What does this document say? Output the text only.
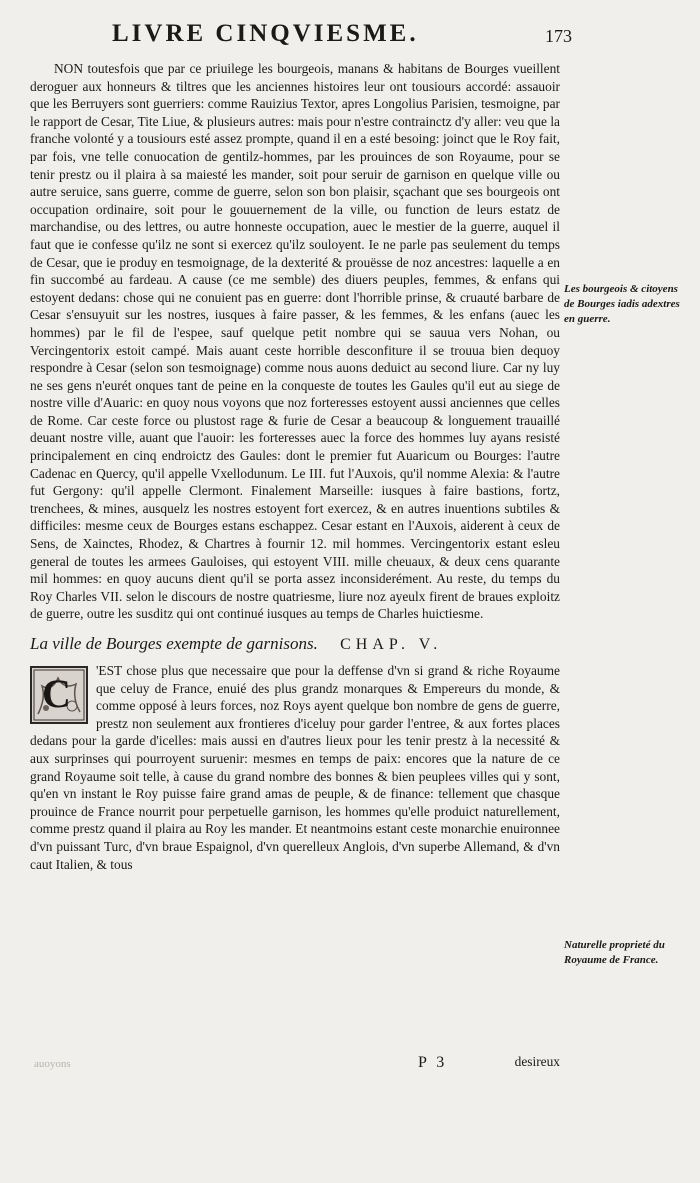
LIVRE CINQVIESME.	173

NON toutesfois que par ce priuilege les bourgeois, manans & habitans de Bourges vueillent deroguer aux honneurs & tiltres que les anciennes histoires leur ont tousiours accordé: assauoir que les Berruyers sont guerriers: comme Rauizius Textor, apres Longolius Parisien, tesmoigne, par le rapport de Cesar, Tite Liue, & plusieurs autres: mais pour n'estre contrainctz d'y aller: veu que la franche volonté y a tousiours esté assez prompte, quand il en a esté besoing: joinct que le Roy fait, par fois, vne telle conuocation de gentilz-hommes, par les prouinces de son Royaume, pour se tenir prestz ou il plaira à sa maiesté les mander, soit pour seruir de garnison en quelque ville ou autre seruice, sans guerre, comme de guerre, selon son bon plaisir, sçachant que ses bourgeois ont occupation ordinaire, soit pour le gouuernement de la ville, ou function de leurs estatz de marchandise, ou des lettres, ou autre honneste occupation, auec le mestier de la guerre, auquel il faut que ie confesse qu'ilz ne sont si exercez qu'ilz souloyent. Ie ne parle pas seulement du temps de Cesar, que ie produy en tesmoignage, de la dexterité & prouësse de noz ancestres: laquelle a en fin succombé au fardeau. A cause (ce me semble) des diuers peuples, femmes, & enfans qui estoyent dedans: chose qui ne conuient pas en guerre: dont l'horrible prinse, & cruauté barbare de Cesar s'ensuyuit sur les nostres, iusques à faire passer, & les femmes, & les enfans (auec les hommes) par le fil de l'espee, sauf quelque petit nombre qui se sauua vers Nohan, ou Vercingentorix estoit campé. Mais auant ceste horrible desconfiture il se trouua bien dequoy respondre à Cesar (selon son tesmoignage) comme nous auons deduict au second liure. Car ny luy ne ses gens n'eurét onques tant de peine en la conqueste de toutes les Gaules qu'il eut au siege de nostre ville d'Auaric: en quoy nous voyons que noz forteresses estoyent aussi anciennes que celles de Rome. Car ceste force ou plustost rage & furie de Cesar a beaucoup & longuement trauaillé deuant nostre ville, auant que l'auoir: les forteresses auec la force des hommes luy ayans resisté principalement en cinq endroictz des Gaules: dont le premier fut Auaricum ou Bourges: l'autre Cadenac en Quercy, qu'il appelle Vxellodunum. Le III. fut l'Auxois, qu'il nomme Alexia: & l'autre fut Gergony: qu'il appelle Clermont. Finalement Marseille: iusques à faire bastions, fortz, trenchees, & mines, ausquelz les nostres estoyent fort exercez, & en autres inuentions subtiles & difficiles: mesme ceux de Bourges estans eschappez. Cesar estant en l'Auxois, aiderent à ceux de Sens, de Xainctes, Rhodez, & Chartres à fournir 12. mil hommes. Vercingentorix estant esleu general de toutes les armees Gauloises, qui estoyent VIII. mille cheuaux, & deux cens quarante mil hommes: en quoy aucuns dient qu'il se porta assez inconsiderément. Au reste, du temps du Roy Charles VII. selon le discours de nostre quatriesme, liure noz ayeulx firent de braues exploitz de guerre, outre les susditz qui ont continué iusques au temps de Charles huictiesme.

La ville de Bourges exempte de garnisons. CHAP. V.
C

'EST chose plus que necessaire que pour la deffense d'vn si grand & riche Royaume que celuy de France, enuié des plus grandz monarques & Empereurs du monde, & comme opposé à leurs forces, noz Roys ayent quelque bon nombre de gens de guerre, prestz non seulement aux frontieres d'iceluy pour garder l'entree, & aux fortes places dedans pour la garde d'icelles: mais aussi en d'autres lieux pour les tenir prestz à la necessité & aux surprinses qui pourroyent suruenir: mesmes en temps de paix: encores que la nature de ce grand Royaume soit telle, à cause du grand nombre des bonnes & bien peuplees villes qui y sont, qu'en vn instant le Roy puisse faire grand amas de peuple, & de finance: tellement que chasque prouince de France nourrit pour perpetuelle garnison, les hommes qu'elle produict naturellement, comme prestz quand il plaira au Roy les mander. Et neantmoins estant ceste monarchie enuironnee d'vn puissant Turc, d'vn braue Espaignol, d'vn querelleux Anglois, d'vn superbe Allemand, & d'vn caut Italien, & tous

Les bourgeois & citoyens de Bourges iadis adextres en guerre.
Naturelle proprieté du Royaume de France.
auoyons	P 3	desireux
